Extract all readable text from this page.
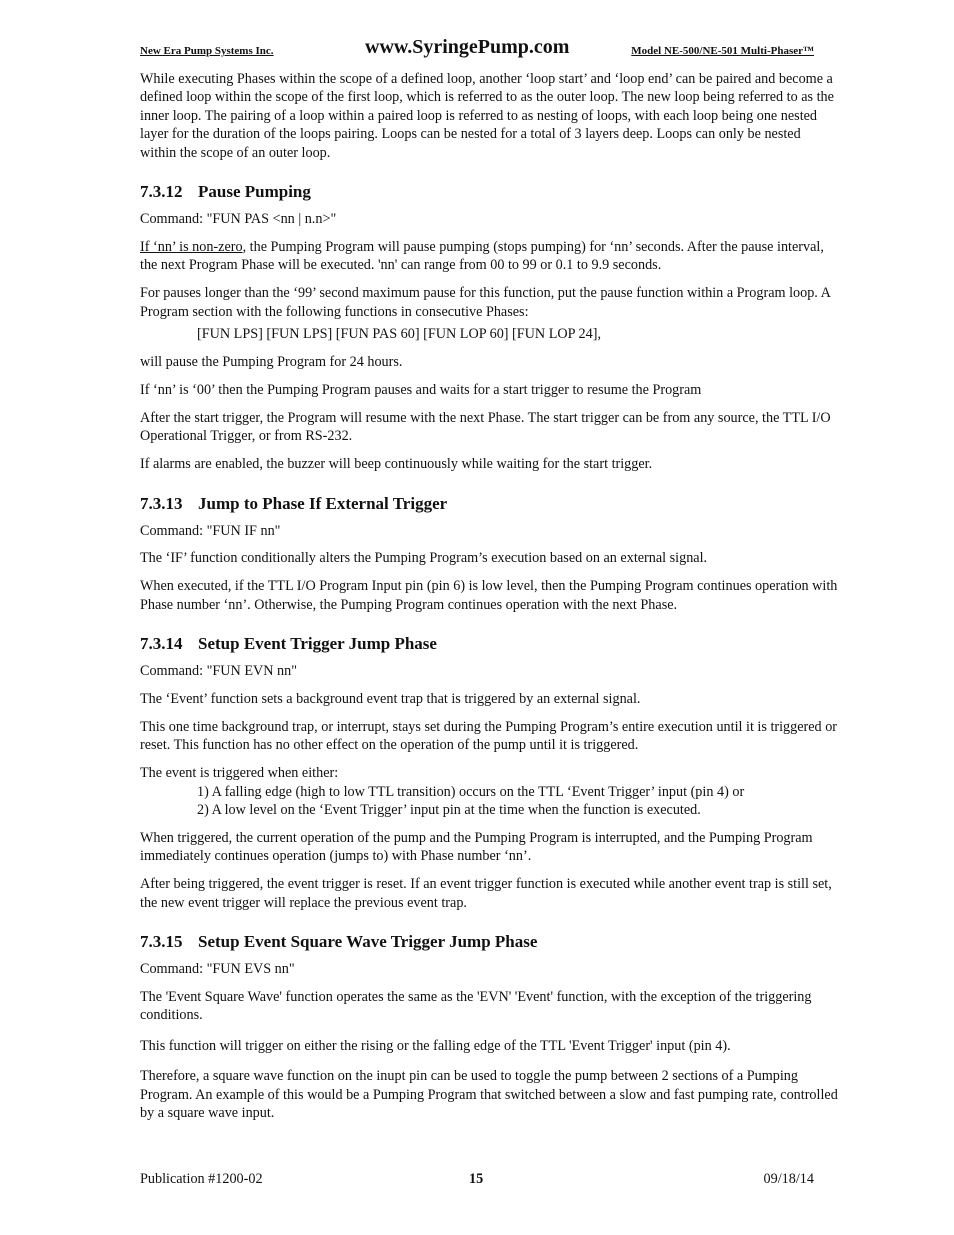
New Era Pump Systems Inc.	www.SyringePump.com	Model NE-500/NE-501 Multi-Phaser™

While executing Phases within the scope of a defined loop, another ‘loop start’ and ‘loop end’ can be paired and become a defined loop within the scope of the first loop, which is referred to as the outer loop. The new loop being referred to as the inner loop. The pairing of a loop within a paired loop is referred to as nesting of loops, with each loop being one nested layer for the duration of the loops pairing. Loops can be nested for a total of 3 layers deep. Loops can only be nested within the scope of an outer loop.

7.3.12 Pause Pumping

Command: "FUN PAS <nn | n.n>"

If ‘nn’ is non-zero, the Pumping Program will pause pumping (stops pumping) for ‘nn’ seconds. After the pause interval, the next Program Phase will be executed. 'nn' can range from 00 to 99 or 0.1 to 9.9 seconds.

For pauses longer than the ‘99’ second maximum pause for this function, put the pause function within a Program loop. A Program section with the following functions in consecutive Phases:

[FUN LPS] [FUN LPS] [FUN PAS 60] [FUN LOP 60] [FUN LOP 24],

will pause the Pumping Program for 24 hours.

If ‘nn’ is ‘00’ then the Pumping Program pauses and waits for a start trigger to resume the Program

After the start trigger, the Program will resume with the next Phase. The start trigger can be from any source, the TTL I/O Operational Trigger, or from RS-232.

If alarms are enabled, the buzzer will beep continuously while waiting for the start trigger.

7.3.13 Jump to Phase If External Trigger

Command: "FUN IF nn"

The ‘IF’ function conditionally alters the Pumping Program’s execution based on an external signal.

When executed, if the TTL I/O Program Input pin (pin 6) is low level, then the Pumping Program continues operation with Phase number ‘nn’. Otherwise, the Pumping Program continues operation with the next Phase.

7.3.14 Setup Event Trigger Jump Phase

Command: "FUN EVN nn"

The ‘Event’ function sets a background event trap that is triggered by an external signal.

This one time background trap, or interrupt, stays set during the Pumping Program’s entire execution until it is triggered or reset. This function has no other effect on the operation of the pump until it is triggered.

The event is triggered when either:

1) A falling edge (high to low TTL transition) occurs on the TTL ‘Event Trigger’ input (pin 4) or
2) A low level on the ‘Event Trigger’ input pin at the time when the function is executed.

When triggered, the current operation of the pump and the Pumping Program is interrupted, and the Pumping Program immediately continues operation (jumps to) with Phase number ‘nn’.

After being triggered, the event trigger is reset. If an event trigger function is executed while another event trap is still set, the new event trigger will replace the previous event trap.

7.3.15 Setup Event Square Wave Trigger Jump Phase

Command: "FUN EVS nn"

The 'Event Square Wave' function operates the same as the 'EVN' 'Event' function, with the exception of the triggering conditions.

This function will trigger on either the rising or the falling edge of the TTL 'Event Trigger' input (pin 4).

Therefore, a square wave function on the inupt pin can be used to toggle the pump between 2 sections of a Pumping Program. An example of this would be a Pumping Program that switched between a slow and fast pumping rate, controlled by a square wave input.

Publication #1200-02	15	09/18/14
